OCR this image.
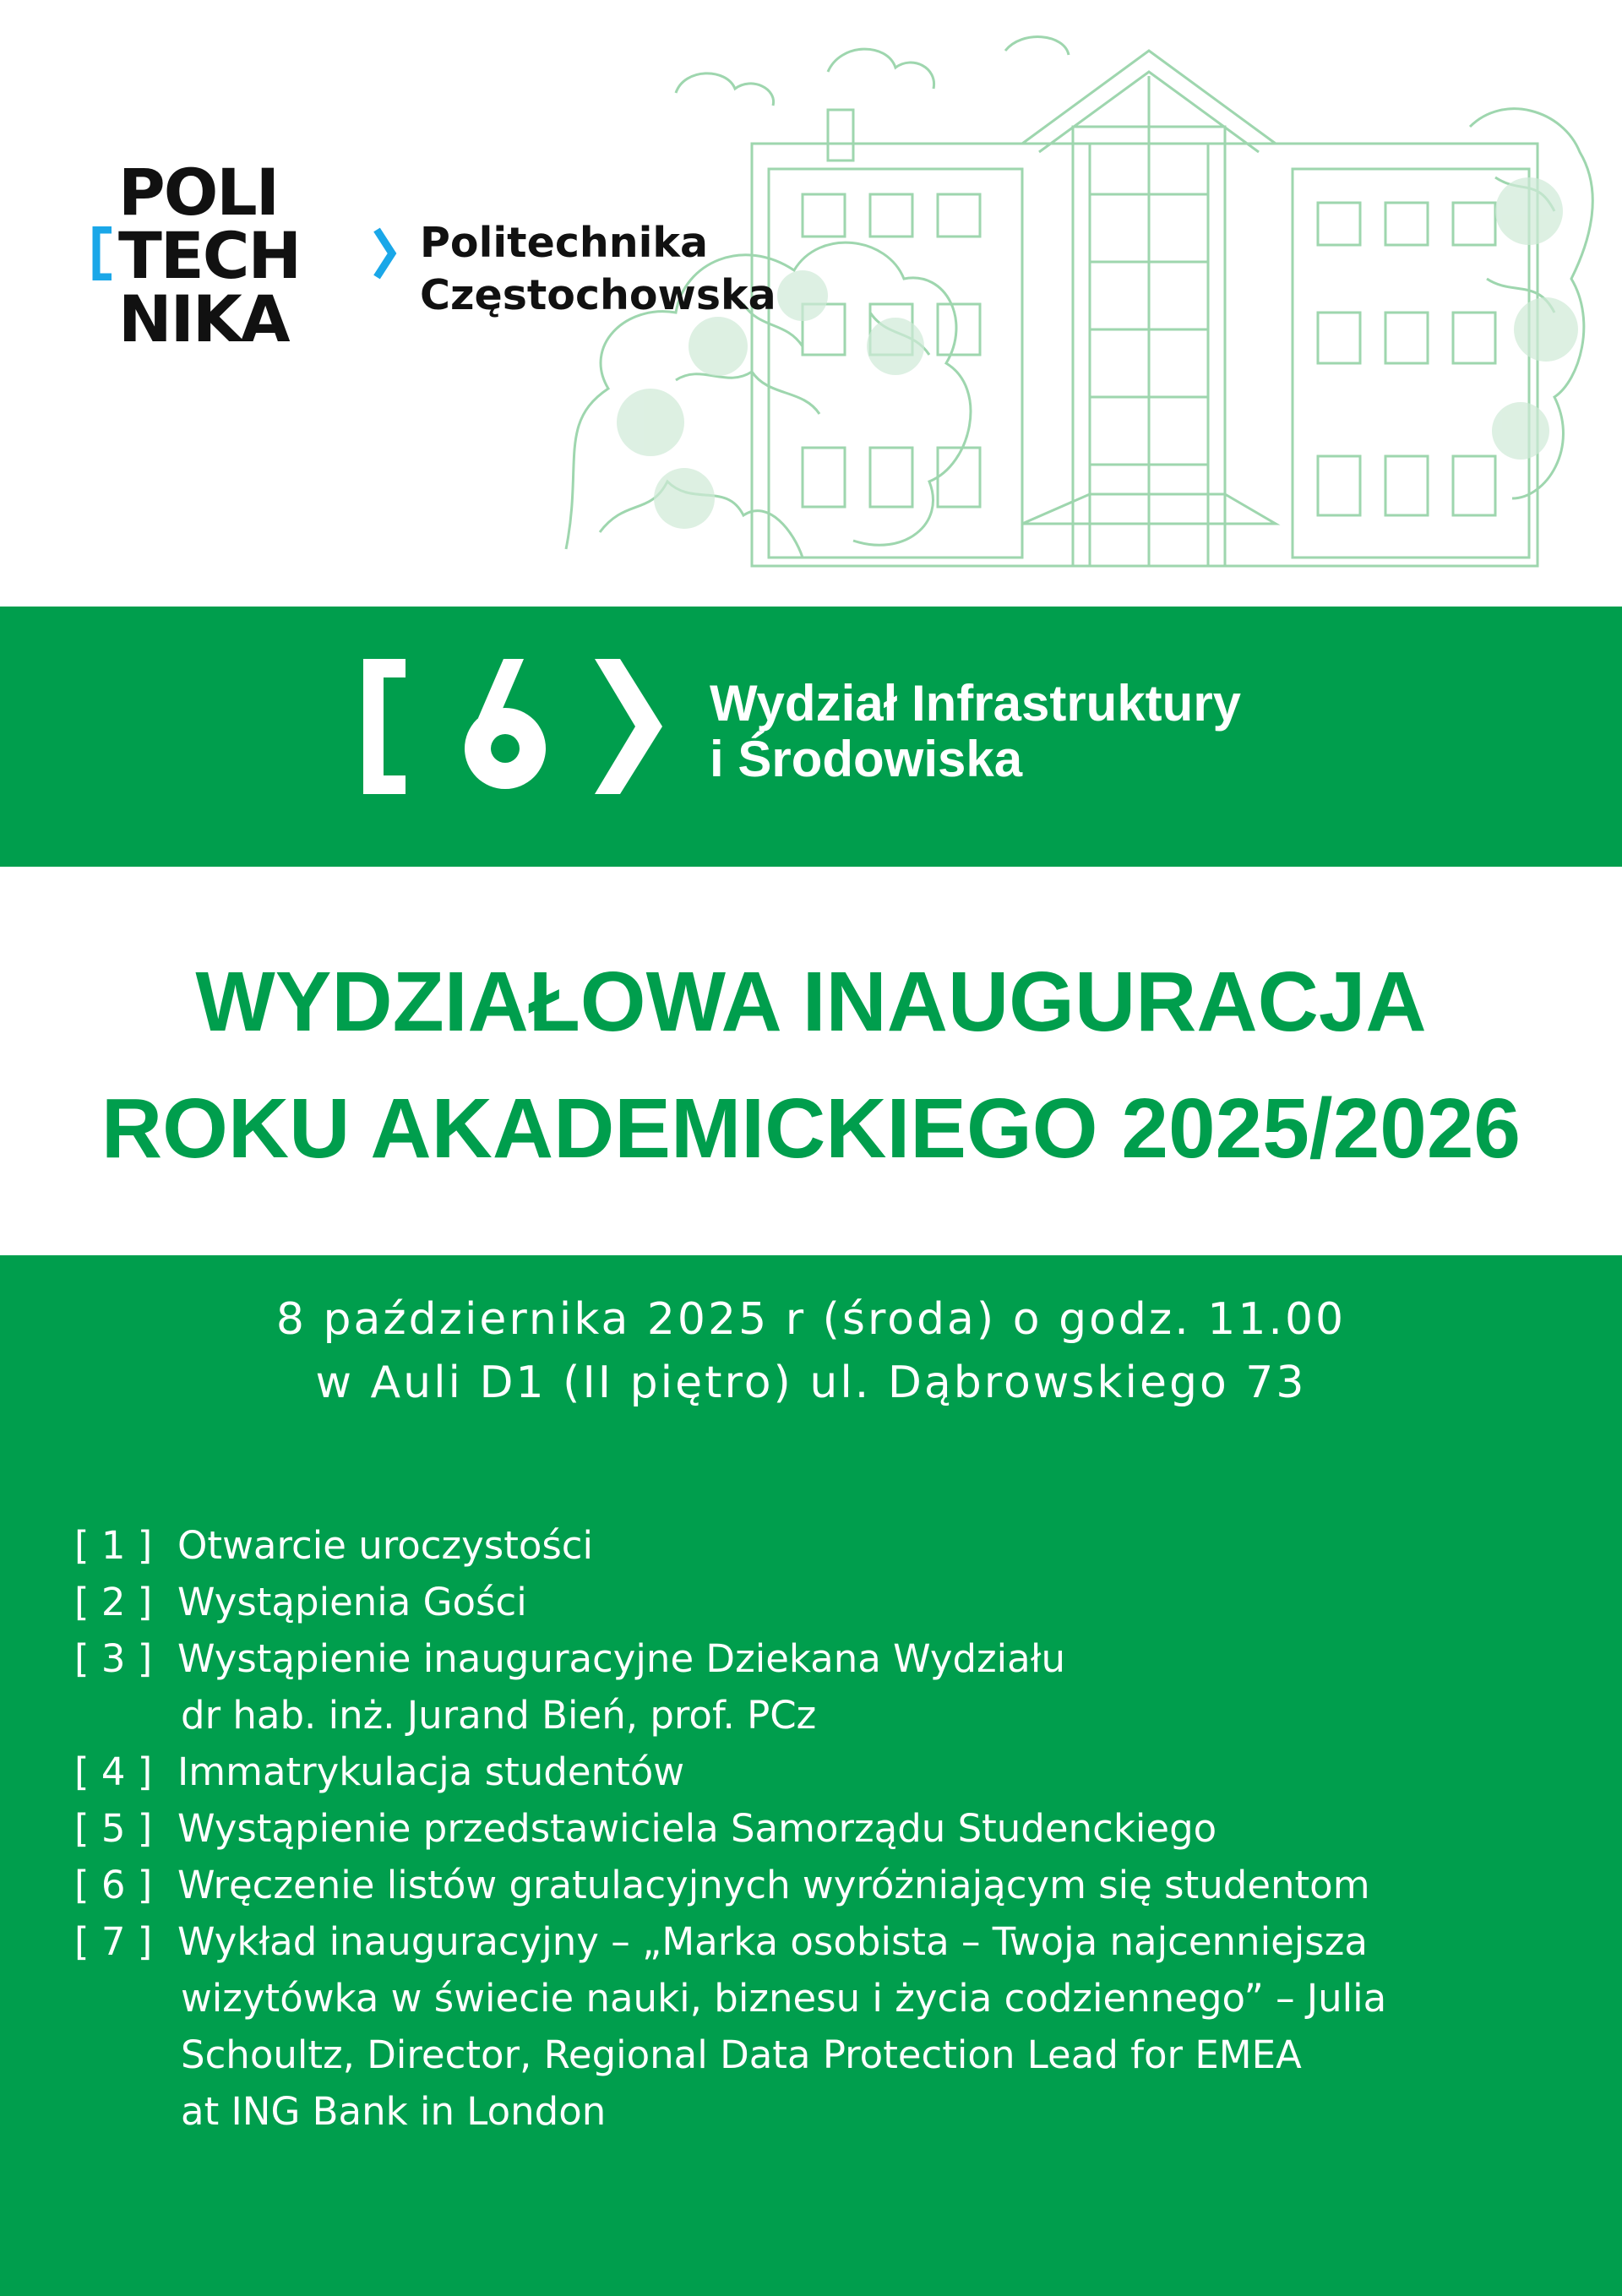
POLI
TECH
NIKA
Politechnika
Częstochowska
Wydział Infrastruktury
i Środowiska
WYDZIAŁOWA INAUGURACJA
ROKU AKADEMICKIEGO 2025/2026
8 października 2025 r (środa) o godz. 11.00
w Auli D1 (II piętro) ul. Dąbrowskiego 73
[ 1 ] Otwarcie uroczystości
[ 2 ] Wystąpienia Gości
[ 3 ] Wystąpienie inauguracyjne Dziekana Wydziału
dr hab. inż. Jurand Bień, prof. PCz
[ 4 ] Immatrykulacja studentów
[ 5 ] Wystąpienie przedstawiciela Samorządu Studenckiego
[ 6 ] Wręczenie listów gratulacyjnych wyróżniającym się studentom
[ 7 ] Wykład inauguracyjny – „Marka osobista – Twoja najcenniejsza
wizytówka w świecie nauki, biznesu i życia codziennego” – Julia
Schoultz, Director, Regional Data Protection Lead for EMEA
at ING Bank in London
